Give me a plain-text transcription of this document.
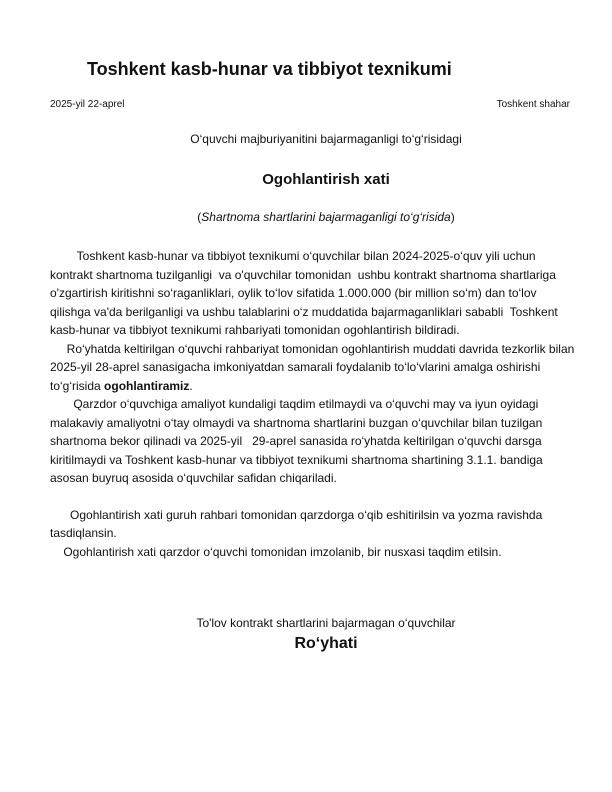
Toshkent kasb-hunar va tibbiyot texnikumi
2025-yil 22-aprel	Toshkent shahar
O‘quvchi majburiyanitini bajarmaganligi to‘g‘risidagi
Ogohlantirish xati
(Shartnoma shartlarini bajarmaganligi to‘g‘risida)

Toshkent kasb-hunar va tibbiyot texnikumi o‘quvchilar bilan 2024-2025-o‘quv yili uchun kontrakt shartnoma tuzilganligi  va o'quvchilar tomonidan  ushbu kontrakt shartnoma shartlariga o'zgartirish kiritishni so‘raganliklari, oylik to‘lov sifatida 1.000.000 (bir million so‘m) dan to‘lov qilishga va'da berilganligi va ushbu talablarini o‘z muddatida bajarmaganliklari sababli  Toshkent kasb-hunar va tibbiyot texnikumi rahbariyati tomonidan ogohlantirish bildiradi.

Ro‘yhatda keltirilgan o‘quvchi rahbariyat tomonidan ogohlantirish muddati davrida tezkorlik bilan 2025-yil 28-aprel sanasigacha imkoniyatdan samarali foydalanib to‘lo‘vlarini amalga oshirishi to‘g‘risida ogohlantiramiz.

Qarzdor o‘quvchiga amaliyot kundaligi taqdim etilmaydi va o‘quvchi may va iyun oyidagi malakaviy amaliyotni o‘tay olmaydi va shartnoma shartlarini buzgan o‘quvchilar bilan tuzilgan shartnoma bekor qilinadi va 2025-yil   29-aprel sanasida ro‘yhatda keltirilgan o‘quvchi darsga kiritilmaydi va Toshkent kasb-hunar va tibbiyot texnikumi shartnoma shartining 3.1.1. bandiga asosan buyruq asosida o‘quvchilar safidan chiqariladi.

Ogohlantirish xati guruh rahbari tomonidan qarzdorga o‘qib eshitirilsin va yozma ravishda tasdiqlansin.

Ogohlantirish xati qarzdor o‘quvchi tomonidan imzolanib, bir nusxasi taqdim etilsin.

To'lov kontrakt shartlarini bajarmagan o‘quvchilar
Ro‘yhati
